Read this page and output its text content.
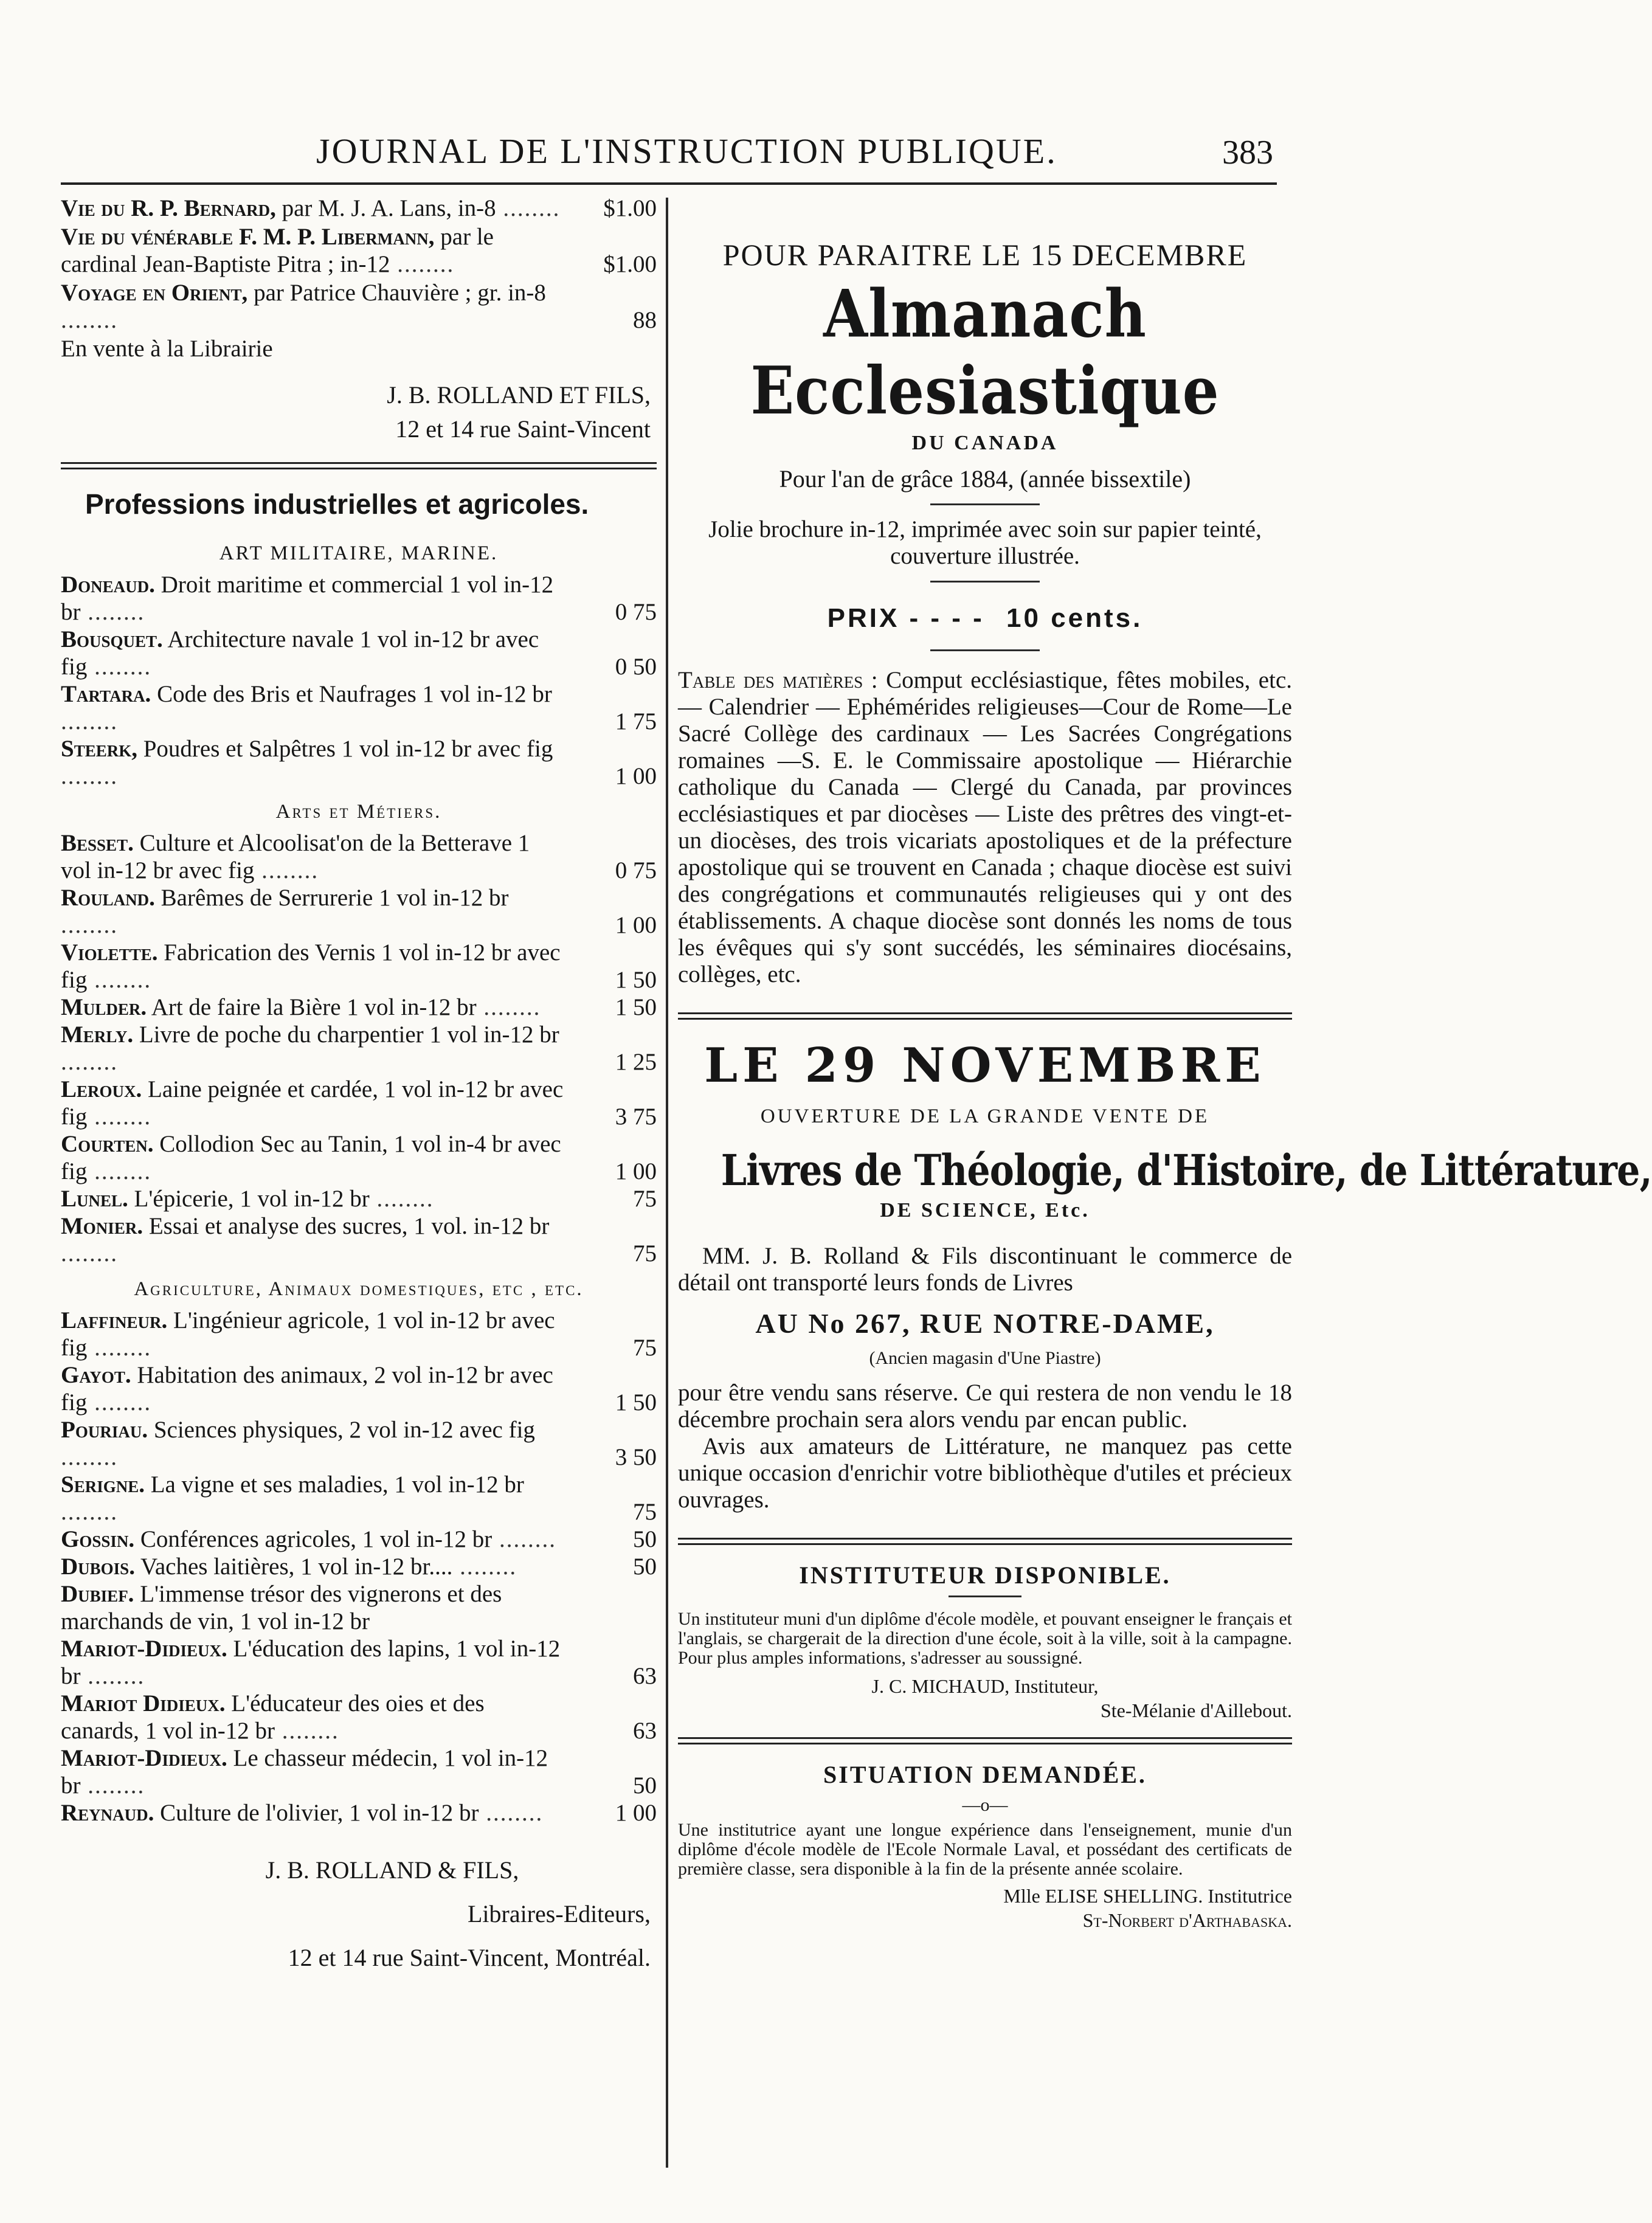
JOURNAL DE L'INSTRUCTION PUBLIQUE.	383

Vie du R. P. Bernard, par M. J. A. Lans, in-8 ........	$1.00

Vie du vénérable F. M. P. Libermann, par le cardinal Jean-Baptiste Pitra ; in-12 ........	$1.00

Voyage en Orient, par Patrice Chauvière ; gr. in-8 ........	88

En vente à la Librairie

J. B. ROLLAND ET FILS,
12 et 14 rue Saint-Vincent
Professions industrielles et agricoles.
ART MILITAIRE, MARINE.

Doneaud. Droit maritime et commercial 1 vol in-12 br ........	0 75

Bousquet. Architecture navale 1 vol in-12 br avec fig ........	0 50

Tartara. Code des Bris et Naufrages 1 vol in-12 br ........	1 75

Steerk, Poudres et Salpêtres 1 vol in-12 br avec fig ........	1 00

Arts et Métiers.

Besset. Culture et Alcoolisat'on de la Betterave 1 vol in-12 br avec fig ........	0 75

Rouland. Barêmes de Serrurerie 1 vol in-12 br ........	1 00

Violette. Fabrication des Vernis 1 vol in-12 br avec fig ........	1 50

Mulder. Art de faire la Bière 1 vol in-12 br ........	1 50

Merly. Livre de poche du charpentier 1 vol in-12 br ........	1 25

Leroux. Laine peignée et cardée, 1 vol in-12 br avec fig ........	3 75

Courten. Collodion Sec au Tanin, 1 vol in-4 br avec fig ........	1 00

Lunel. L'épicerie, 1 vol in-12 br ........	75

Monier. Essai et analyse des sucres, 1 vol. in-12 br ........	75

Agriculture, Animaux domestiques, etc , etc.

Laffineur. L'ingénieur agricole, 1 vol in-12 br avec fig ........	75

Gayot. Habitation des animaux, 2 vol in-12 br avec fig ........	1 50

Pouriau. Sciences physiques, 2 vol in-12 avec fig ........	3 50

Serigne. La vigne et ses maladies, 1 vol in-12 br ........	75

Gossin. Conférences agricoles, 1 vol in-12 br ........	50

Dubois. Vaches laitières, 1 vol in-12 br.... ........	50

Dubief. L'immense trésor des vignerons et des marchands de vin, 1 vol in-12 br

Mariot-Didieux. L'éducation des lapins, 1 vol in-12 br ........	63

Mariot Didieux. L'éducateur des oies et des canards, 1 vol in-12 br ........	63

Mariot-Didieux. Le chasseur médecin, 1 vol in-12 br ........	50

Reynaud. Culture de l'olivier, 1 vol in-12 br ........	1 00

J. B. ROLLAND & FILS,
Libraires-Editeurs,
12 et 14 rue Saint-Vincent, Montréal.
POUR PARAITRE LE 15 DECEMBRE
Almanach Ecclesiastique
DU CANADA
Pour l'an de grâce 1884, (année bissextile)
Jolie brochure in-12, imprimée avec soin sur papier teinté, couverture illustrée.
PRIX - - - - 10 cents.

Table des matières : Comput ecclésiastique, fêtes mobiles, etc. — Calendrier — Ephémérides religieuses—Cour de Rome—Le Sacré Collège des cardinaux — Les Sacrées Congrégations romaines —S. E. le Commissaire apostolique — Hiérarchie catholique du Canada — Clergé du Canada, par provinces ecclésiastiques et par diocèses — Liste des prêtres des vingt-et-un diocèses, des trois vicariats apostoliques et de la préfecture apostolique qui se trouvent en Canada ; chaque diocèse est suivi des congrégations et communautés religieuses qui y ont des établissements. A chaque diocèse sont donnés les noms de tous les évêques qui s'y sont succédés, les séminaires diocésains, collèges, etc.

LE 29 NOVEMBRE
OUVERTURE DE LA GRANDE VENTE DE
Livres de Théologie, d'Histoire, de Littérature,
DE SCIENCE, Etc.

MM. J. B. Rolland & Fils discontinuant le commerce de détail ont transporté leurs fonds de Livres

AU No 267, RUE NOTRE-DAME,
(Ancien magasin d'Une Piastre)

pour être vendu sans réserve. Ce qui restera de non vendu le 18 décembre prochain sera alors vendu par encan public.

Avis aux amateurs de Littérature, ne manquez pas cette unique occasion d'enrichir votre bibliothèque d'utiles et précieux ouvrages.

INSTITUTEUR DISPONIBLE.

Un instituteur muni d'un diplôme d'école modèle, et pouvant enseigner le français et l'anglais, se chargerait de la direction d'une école, soit à la ville, soit à la campagne. Pour plus amples informations, s'adresser au soussigné.

J. C. MICHAUD, Instituteur,

Ste-Mélanie d'Aillebout.

SITUATION DEMANDÉE.
—o—

Une institutrice ayant une longue expérience dans l'enseignement, munie d'un diplôme d'école modèle de l'Ecole Normale Laval, et possédant des certificats de première classe, sera disponible à la fin de la présente année scolaire.

Mlle ELISE SHELLING. Institutrice

St-Norbert d'Arthabaska.
